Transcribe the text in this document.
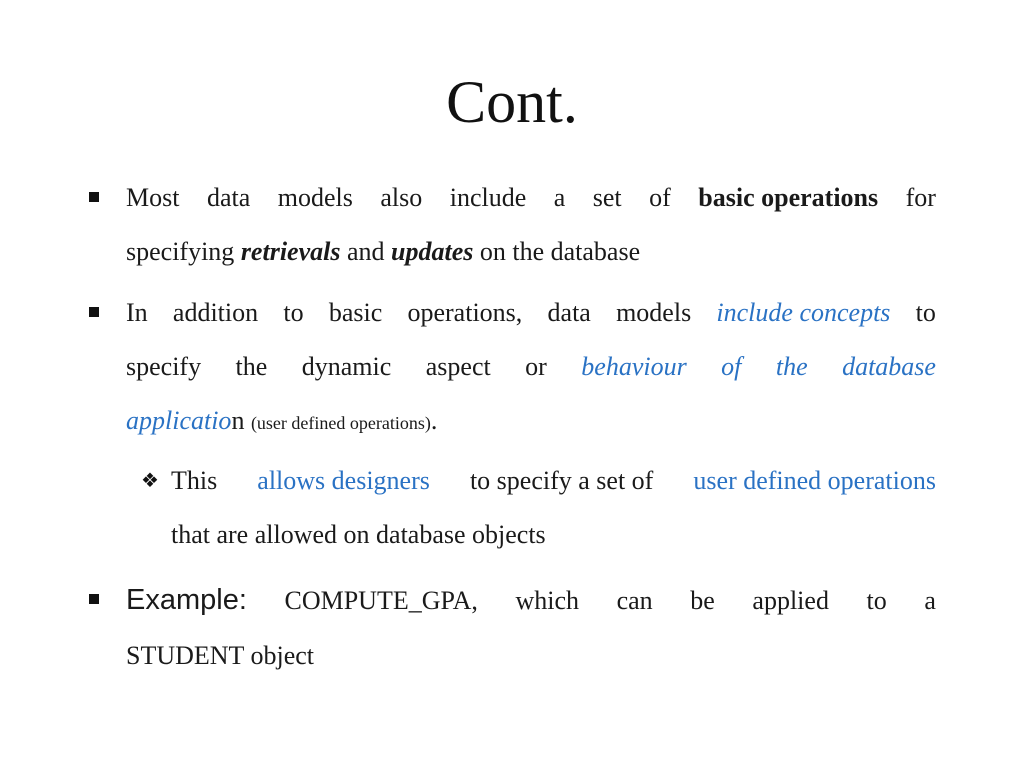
Cont.
Most data models also include a set of basic operations for
specifying retrievals and updates on the database
In addition to basic operations, data models include concepts to
specify the dynamic aspect or behaviour of the database
application (user defined operations).
❖ This allows designers to specify a set of user defined operations
that are allowed on database objects
Example: COMPUTE_GPA, which can be applied to a
STUDENT object
